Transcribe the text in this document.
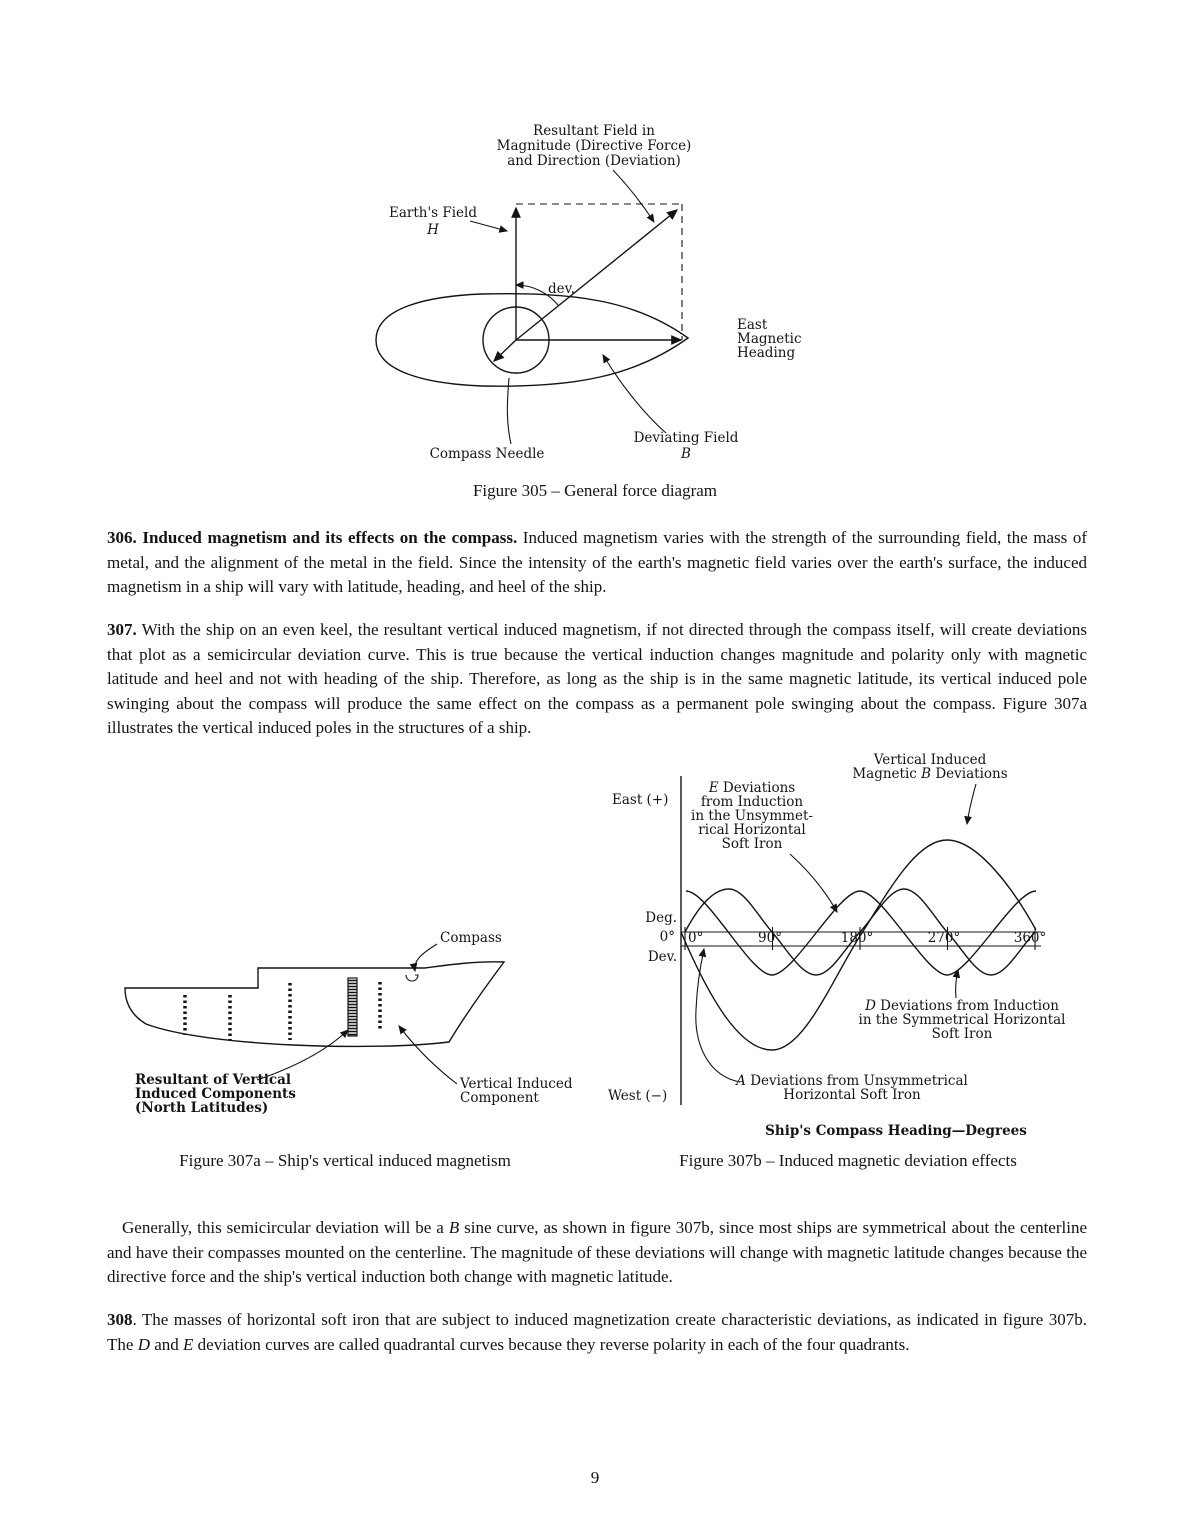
Resultant Field in
Magnitude (Directive Force)
and Direction (Deviation)
Earth's Field
H
dev.
East
Magnetic
Heading
Deviating Field
B
Compass Needle
Figure 305 – General force diagram
306. Induced magnetism and its effects on the compass. Induced magnetism varies with the strength of the surrounding field, the mass of metal, and the alignment of the metal in the field. Since the intensity of the earth's magnetic field varies over the earth's surface, the induced magnetism in a ship will vary with latitude, heading, and heel of the ship.
307. With the ship on an even keel, the resultant vertical induced magnetism, if not directed through the compass itself, will create deviations that plot as a semicircular deviation curve. This is true because the vertical induction changes magnitude and polarity only with magnetic latitude and heel and not with heading of the ship. Therefore, as long as the ship is in the same magnetic latitude, its vertical induced pole swinging about the compass will produce the same effect on the compass as a permanent pole swinging about the compass. Figure 307a illustrates the vertical induced poles in the structures of a ship.
Compass
Resultant of Vertical
Induced Components
(North Latitudes)
Vertical Induced
Component
Figure 307a – Ship's vertical induced magnetism
0°	90°	180°	270°	360°
Deg.
0°
Dev.
East (+)
West (−)
Vertical Induced
Magnetic B Deviations
E Deviations
from Induction
in the Unsymmet-
rical Horizontal
Soft Iron
D Deviations from Induction
in the Symmetrical Horizontal
Soft Iron
A Deviations from Unsymmetrical
Horizontal Soft Iron
Ship's Compass Heading—Degrees
Figure 307b – Induced magnetic deviation effects
Generally, this semicircular deviation will be a B sine curve, as shown in figure 307b, since most ships are symmetrical about the centerline and have their compasses mounted on the centerline. The magnitude of these deviations will change with magnetic latitude changes because the directive force and the ship's vertical induction both change with magnetic latitude.
308. The masses of horizontal soft iron that are subject to induced magnetization create characteristic deviations, as indicated in figure 307b. The D and E deviation curves are called quadrantal curves because they reverse polarity in each of the four quadrants.
9
